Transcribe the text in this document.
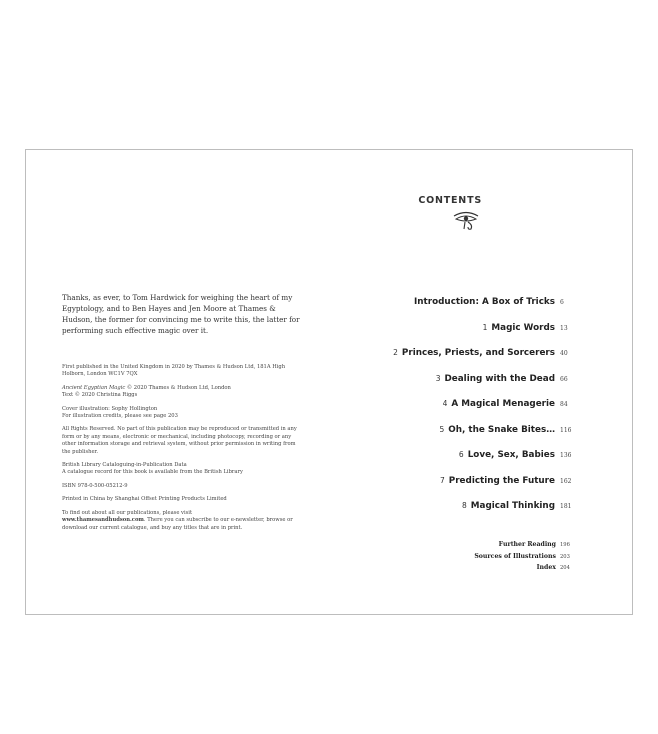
Thanks, as ever, to Tom Hardwick for weighing the heart of my Egyptology, and to Ben Hayes and Jen Moore at Thames & Hudson, the former for convincing me to write this, the latter for performing such effective magic over it.

First published in the United Kingdom in 2020 by Thames & Hudson Ltd, 181A High Holborn, London WC1V 7QX

Ancient Egyptian Magic © 2020 Thames & Hudson Ltd, London
Text © 2020 Christina Riggs

Cover illustration: Sophy Hollington
For illustration credits, please see page 203

All Rights Reserved. No part of this publication may be reproduced or transmitted in any form or by any means, electronic or mechanical, including photocopy, recording or any other information storage and retrieval system, without prior permission in writing from the publisher.

British Library Cataloguing-in-Publication Data
A catalogue record for this book is available from the British Library

ISBN 978-0-500-05212-9

Printed in China by Shanghai Offset Printing Products Limited

To find out about all our publications, please visit
www.thamesandhudson.com. There you can subscribe to our e-newsletter, browse or download our current catalogue, and buy any titles that are in print.

CONTENTS
Introduction: A Box of Tricks 6
1 Magic Words 13
2 Princes, Priests, and Sorcerers 40
3 Dealing with the Dead 66
4 A Magical Menagerie 84
5 Oh, the Snake Bites… 116
6 Love, Sex, Babies 136
7 Predicting the Future 162
8 Magical Thinking 181
Further Reading 196
Sources of Illustrations 203
Index 204
